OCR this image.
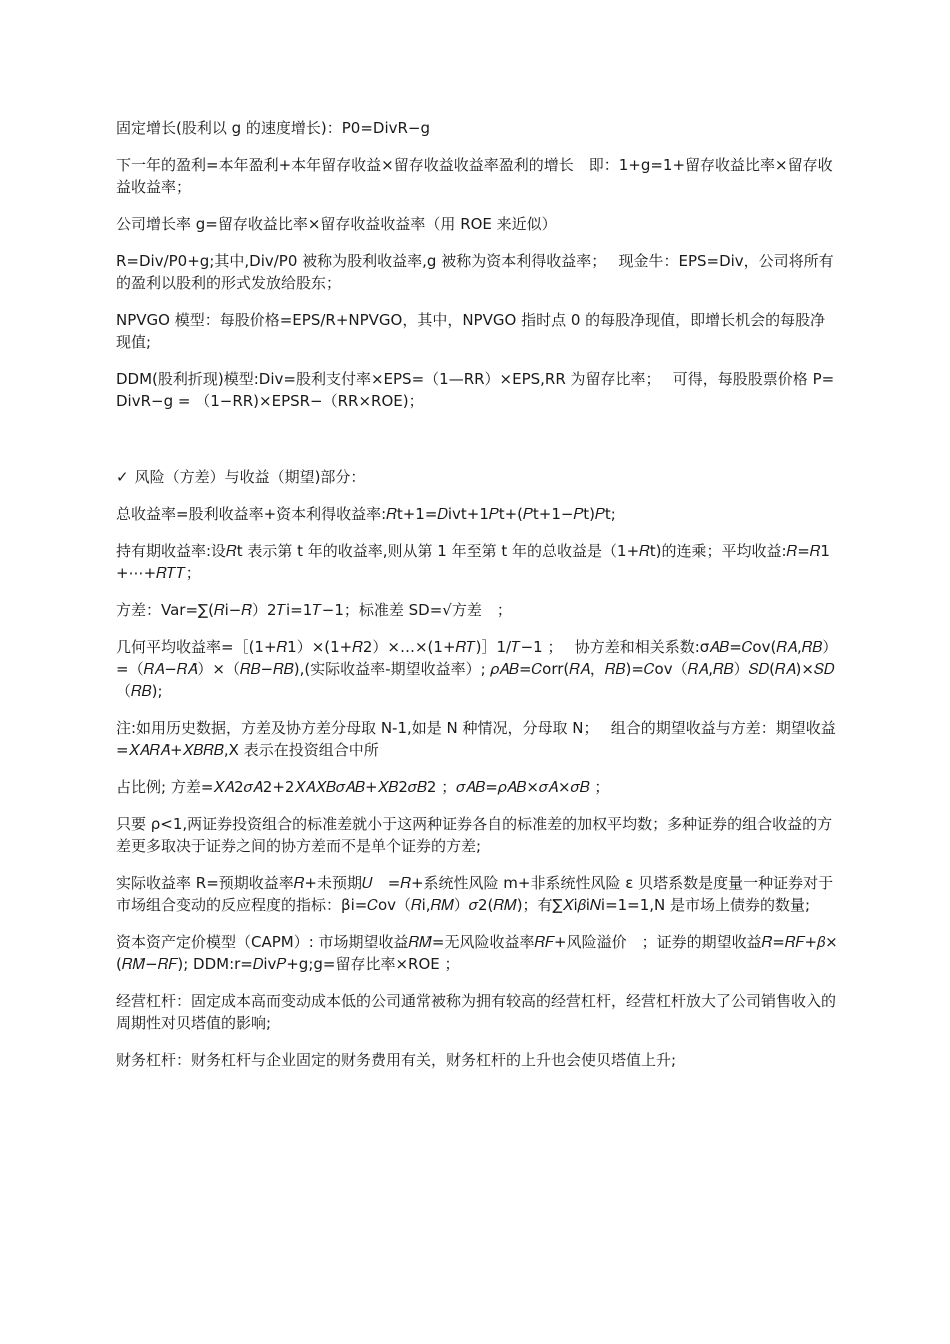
固定增长(股利以 g 的速度增长)：P0=DivR−g

下一年的盈利=本年盈利+本年留存收益×留存收益收益率盈利的增长　即：1+g=1+留存收益比率×留存收益收益率；

公司增长率 g=留存收益比率×留存收益收益率（用 ROE 来近似）

R=Div/P0+g;其中,Div/P0 被称为股利收益率,g 被称为资本利得收益率；　 现金牛：EPS=Div，公司将所有的盈利以股利的形式发放给股东；

NPVGO 模型：每股价格=EPS/R+NPVGO，其中，NPVGO 指时点 0 的每股净现值，即增长机会的每股净现值;

DDM(股利折现)模型:Div=股利支付率×EPS=（1—RR）×EPS,RR 为留存比率；　 可得，每股股票价格 P= DivR−g = （1−RR)×EPSR−（RR×ROE)；

✓ 风险（方差）与收益（期望)部分：

总收益率=股利收益率+资本利得收益率:𝑅t+1=𝐷ivt+1𝑃t+(𝑃t+1−𝑃t)𝑃t;

持有期收益率:设𝑅t 表示第 t 年的收益率,则从第 1 年至第 t 年的总收益是（1+𝑅t)的连乘；平均收益:𝑅=𝑅1+⋯+𝑅𝑇𝑇；

方差：Var=∑(𝑅i−𝑅̄）2𝑇i=1𝑇−1；标准差 SD=√方差　；

几何平均收益率=［(1+𝑅1）×(1+𝑅2）×…×(1+𝑅𝑇)］1/𝑇−1 ；　 协方差和相关系数:σ𝐴𝐵=𝐶ov(𝑅𝐴,𝑅𝐵）=（𝑅𝐴−𝑅𝐴̄）×（𝑅𝐵−𝑅𝐵̄),(实际收益率-期望收益率）; 𝜌𝐴𝐵=𝐶orr(𝑅𝐴，𝑅𝐵)=𝐶ov（𝑅𝐴,𝑅𝐵）𝑆𝐷(𝑅𝐴)×𝑆𝐷（𝑅𝐵);

注:如用历史数据，方差及协方差分母取 N-1,如是 N 种情况，分母取 N；　 组合的期望收益与方差：期望收益=𝑋𝐴𝑅𝐴̄+𝑋𝐵𝑅𝐵̄,X 表示在投资组合中所

占比例; 方差=𝑋𝐴2𝜎𝐴2+2𝑋𝐴𝑋𝐵𝜎𝐴𝐵+𝑋𝐵2𝜎𝐵2 ；𝜎𝐴𝐵=𝜌𝐴𝐵×𝜎𝐴×𝜎𝐵 ；

只要 ρ<1,两证券投资组合的标准差就小于这两种证券各自的标准差的加权平均数；多种证券的组合收益的方差更多取决于证券之间的协方差而不是单个证券的方差;

实际收益率 R=预期收益率𝑅+未预期𝑈　=𝑅+系统性风险 m+非系统性风险 ε 贝塔系数是度量一种证券对于市场组合变动的反应程度的指标：βi=𝐶ov（𝑅i,𝑅𝑀）𝜎2(𝑅𝑀)；有∑𝑋i𝛽i𝑁i=1=1,N 是市场上债券的数量;

资本资产定价模型（CAPM）: 市场期望收益𝑅𝑀̄=无风险收益率𝑅𝐹+风险溢价　；证券的期望收益𝑅̄=𝑅𝐹+𝛽×(𝑅𝑀̄−𝑅𝐹); DDM:r=𝐷iv𝑃+g;g=留存比率×ROE ；

经营杠杆：固定成本高而变动成本低的公司通常被称为拥有较高的经营杠杆，经营杠杆放大了公司销售收入的周期性对贝塔值的影响;

财务杠杆：财务杠杆与企业固定的财务费用有关，财务杠杆的上升也会使贝塔值上升;
